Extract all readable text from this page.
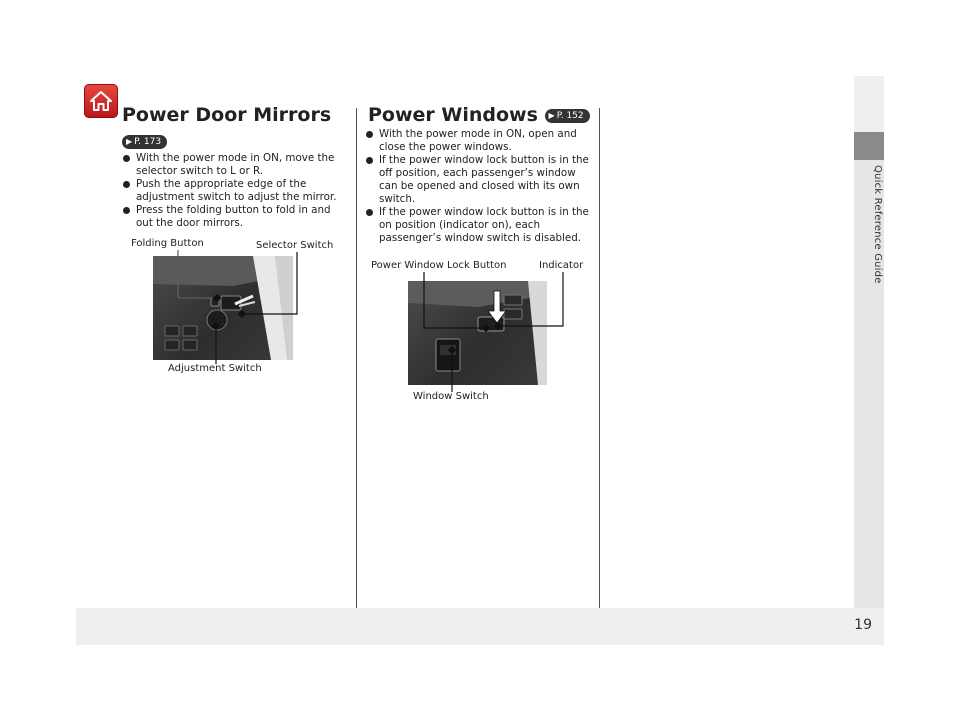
Quick Reference Guide
19
Power Door Mirrors
▶ P. 173
With the power mode in ON, move the selector switch to L or R.
Push the appropriate edge of the adjustment switch to adjust the mirror.
Press the folding button to fold in and out the door mirrors.
Folding Button	Selector Switch
Adjustment Switch
Power Windows ▶ P. 152
With the power mode in ON, open and close the power windows.
If the power window lock button is in the off position, each passenger’s window can be opened and closed with its own switch.
If the power window lock button is in the on position (indicator on), each passenger’s window switch is disabled.
Power Window Lock Button	Indicator
Window Switch
